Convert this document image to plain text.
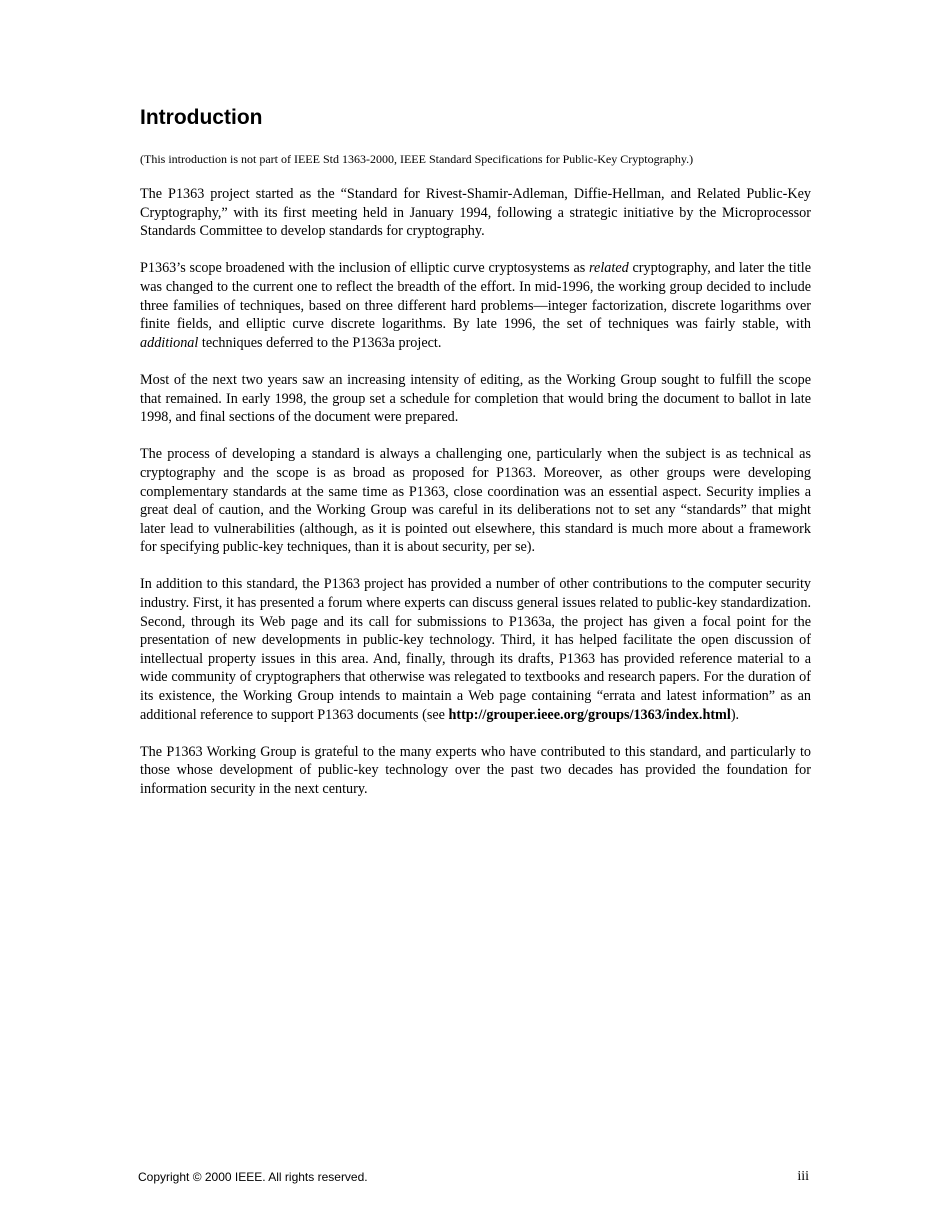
Introduction

(This introduction is not part of IEEE Std 1363-2000, IEEE Standard Specifications for Public-Key Cryptography.)

The P1363 project started as the “Standard for Rivest-Shamir-Adleman, Diffie-Hellman, and Related Public-Key Cryptography,” with its first meeting held in January 1994, following a strategic initiative by the Microprocessor Standards Committee to develop standards for cryptography.

P1363’s scope broadened with the inclusion of elliptic curve cryptosystems as related cryptography, and later the title was changed to the current one to reflect the breadth of the effort. In mid-1996, the working group decided to include three families of techniques, based on three different hard problems—integer factorization, discrete logarithms over finite fields, and elliptic curve discrete logarithms. By late 1996, the set of techniques was fairly stable, with additional techniques deferred to the P1363a project.

Most of the next two years saw an increasing intensity of editing, as the Working Group sought to fulfill the scope that remained. In early 1998, the group set a schedule for completion that would bring the document to ballot in late 1998, and final sections of the document were prepared.

The process of developing a standard is always a challenging one, particularly when the subject is as technical as cryptography and the scope is as broad as proposed for P1363. Moreover, as other groups were developing complementary standards at the same time as P1363, close coordination was an essential aspect. Security implies a great deal of caution, and the Working Group was careful in its deliberations not to set any “standards” that might later lead to vulnerabilities (although, as it is pointed out elsewhere, this standard is much more about a framework for specifying public-key techniques, than it is about security, per se).

In addition to this standard, the P1363 project has provided a number of other contributions to the computer security industry. First, it has presented a forum where experts can discuss general issues related to public-key standardization. Second, through its Web page and its call for submissions to P1363a, the project has given a focal point for the presentation of new developments in public-key technology. Third, it has helped facilitate the open discussion of intellectual property issues in this area. And, finally, through its drafts, P1363 has provided reference material to a wide community of cryptographers that otherwise was relegated to textbooks and research papers. For the duration of its existence, the Working Group intends to maintain a Web page containing “errata and latest information” as an additional reference to support P1363 documents (see http://grouper.ieee.org/groups/1363/index.html).

The P1363 Working Group is grateful to the many experts who have contributed to this standard, and particularly to those whose development of public-key technology over the past two decades has provided the foundation for information security in the next century.

Copyright © 2000 IEEE. All rights reserved.	iii
